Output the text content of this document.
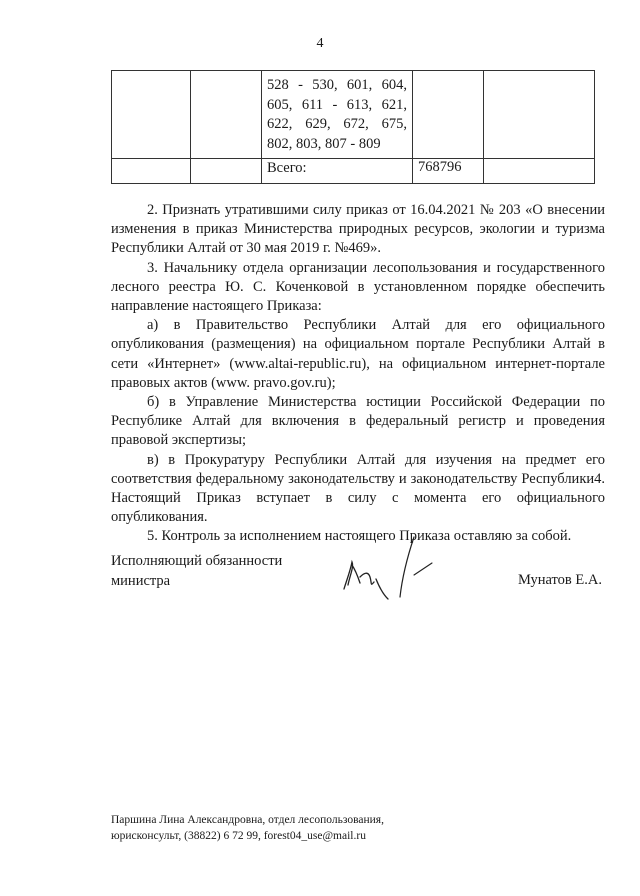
4
		528 - 530, 601, 604, 605, 611 - 613, 621, 622, 629, 672, 675, 802, 803, 807 - 809		
		Всего:	768796	

2. Признать утратившими силу приказ от 16.04.2021 № 203 «О внесении изменения в приказ Министерства природных ресурсов, экологии и туризма Республики Алтай от 30 мая 2019 г. №469».

3. Начальнику отдела организации лесопользования и государственного лесного реестра Ю. С. Коченковой в установленном порядке обеспечить направление настоящего Приказа:

а) в Правительство Республики Алтай для его официального опубликования (размещения) на официальном портале Республики Алтай в сети «Интернет» (www.altai-republic.ru), на официальном интернет-портале правовых актов (www. pravo.gov.ru);

б) в Управление Министерства юстиции Российской Федерации по Республике Алтай для включения в федеральный регистр и проведения правовой экспертизы;

в) в Прокуратуру Республики Алтай для изучения на предмет его соответствия федеральному законодательству и законодательству Республики4. Настоящий Приказ вступает в силу с момента его официального опубликования.

5. Контроль за исполнением настоящего Приказа оставляю за собой.

Исполняющий обязанности
министра	Мунатов Е.А.
Паршина Лина Александровна, отдел лесопользования,
юрисконсульт, (38822) 6 72 99, forest04_use@mail.ru
